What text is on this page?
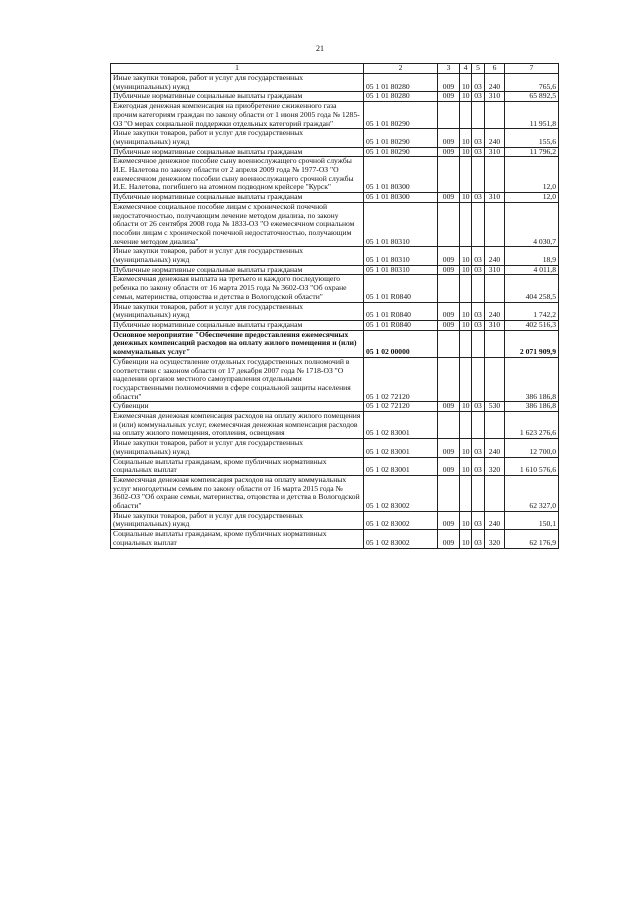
21
1	2	3	4	5	6	7
Иные закупки товаров, работ и услуг для государственных (муниципальных) нужд	05 1 01 80280	009	10	03	240	765,6
Публичные нормативные социальные выплаты гражданам	05 1 01 80280	009	10	03	310	65 892,5
Ежегодная денежная компенсация на приобретение сжиженного газа прочим категориям граждан по закону области от 1 июня 2005 года № 1285-ОЗ "О мерах социальной поддержки отдельных категорий граждан"	05 1 01 80290					11 951,8
Иные закупки товаров, работ и услуг для государственных (муниципальных) нужд	05 1 01 80290	009	10	03	240	155,6
Публичные нормативные социальные выплаты гражданам	05 1 01 80290	009	10	03	310	11 796,2
Ежемесячное денежное пособие сыну военнослужащего срочной службы И.Е. Налетова по закону области от 2 апреля 2009 года № 1977-ОЗ "О ежемесячном денежном пособии сыну военнослужащего срочной службы И.Е. Налетова, погибшего на атомном подводном крейсере "Курск"	05 1 01 80300					12,0
Публичные нормативные социальные выплаты гражданам	05 1 01 80300	009	10	03	310	12,0
Ежемесячное социальное пособие лицам с хронической почечной недостаточностью, получающим лечение методом диализа, по закону области от 26 сентября 2008 года № 1833-ОЗ "О ежемесячном социальном пособии лицам с хронической почечной недостаточностью, получающим лечение методом диализа"	05 1 01 80310					4 030,7
Иные закупки товаров, работ и услуг для государственных (муниципальных) нужд	05 1 01 80310	009	10	03	240	18,9
Публичные нормативные социальные выплаты гражданам	05 1 01 80310	009	10	03	310	4 011,8
Ежемесячная денежная выплата на третьего и каждого последующего ребенка по закону области от 16 марта 2015 года № 3602-ОЗ "Об охране семьи, материнства, отцовства и детства в Вологодской области"	05 1 01 R0840					404 258,5
Иные закупки товаров, работ и услуг для государственных (муниципальных) нужд	05 1 01 R0840	009	10	03	240	1 742,2
Публичные нормативные социальные выплаты гражданам	05 1 01 R0840	009	10	03	310	402 516,3
Основное мероприятие "Обеспечение предоставления ежемесячных денежных компенсаций расходов на оплату жилого помещения и (или) коммунальных услуг"	05 1 02 00000					2 071 909,9
Субвенции на осуществление отдельных государственных полномочий в соответствии с законом области от 17 декабря 2007 года № 1718-ОЗ "О наделении органов местного самоуправления отдельными государственными полномочиями в сфере социальной защиты населения области"	05 1 02 72120					386 186,8
Субвенции	05 1 02 72120	009	10	03	530	386 186,8
Ежемесячная денежная компенсация расходов на оплату жилого помещения и (или) коммунальных услуг, ежемесячная денежная компенсация расходов на оплату жилого помещения, отопления, освещения	05 1 02 83001					1 623 276,6
Иные закупки товаров, работ и услуг для государственных (муниципальных) нужд	05 1 02 83001	009	10	03	240	12 700,0
Социальные выплаты гражданам, кроме публичных нормативных социальных выплат	05 1 02 83001	009	10	03	320	1 610 576,6
Ежемесячная денежная компенсация расходов на оплату коммунальных услуг многодетным семьям по закону области от 16 марта 2015 года № 3602-ОЗ "Об охране семьи, материнства, отцовства и детства в Вологодской области"	05 1 02 83002					62 327,0
Иные закупки товаров, работ и услуг для государственных (муниципальных) нужд	05 1 02 83002	009	10	03	240	150,1
Социальные выплаты гражданам, кроме публичных нормативных социальных выплат	05 1 02 83002	009	10	03	320	62 176,9
